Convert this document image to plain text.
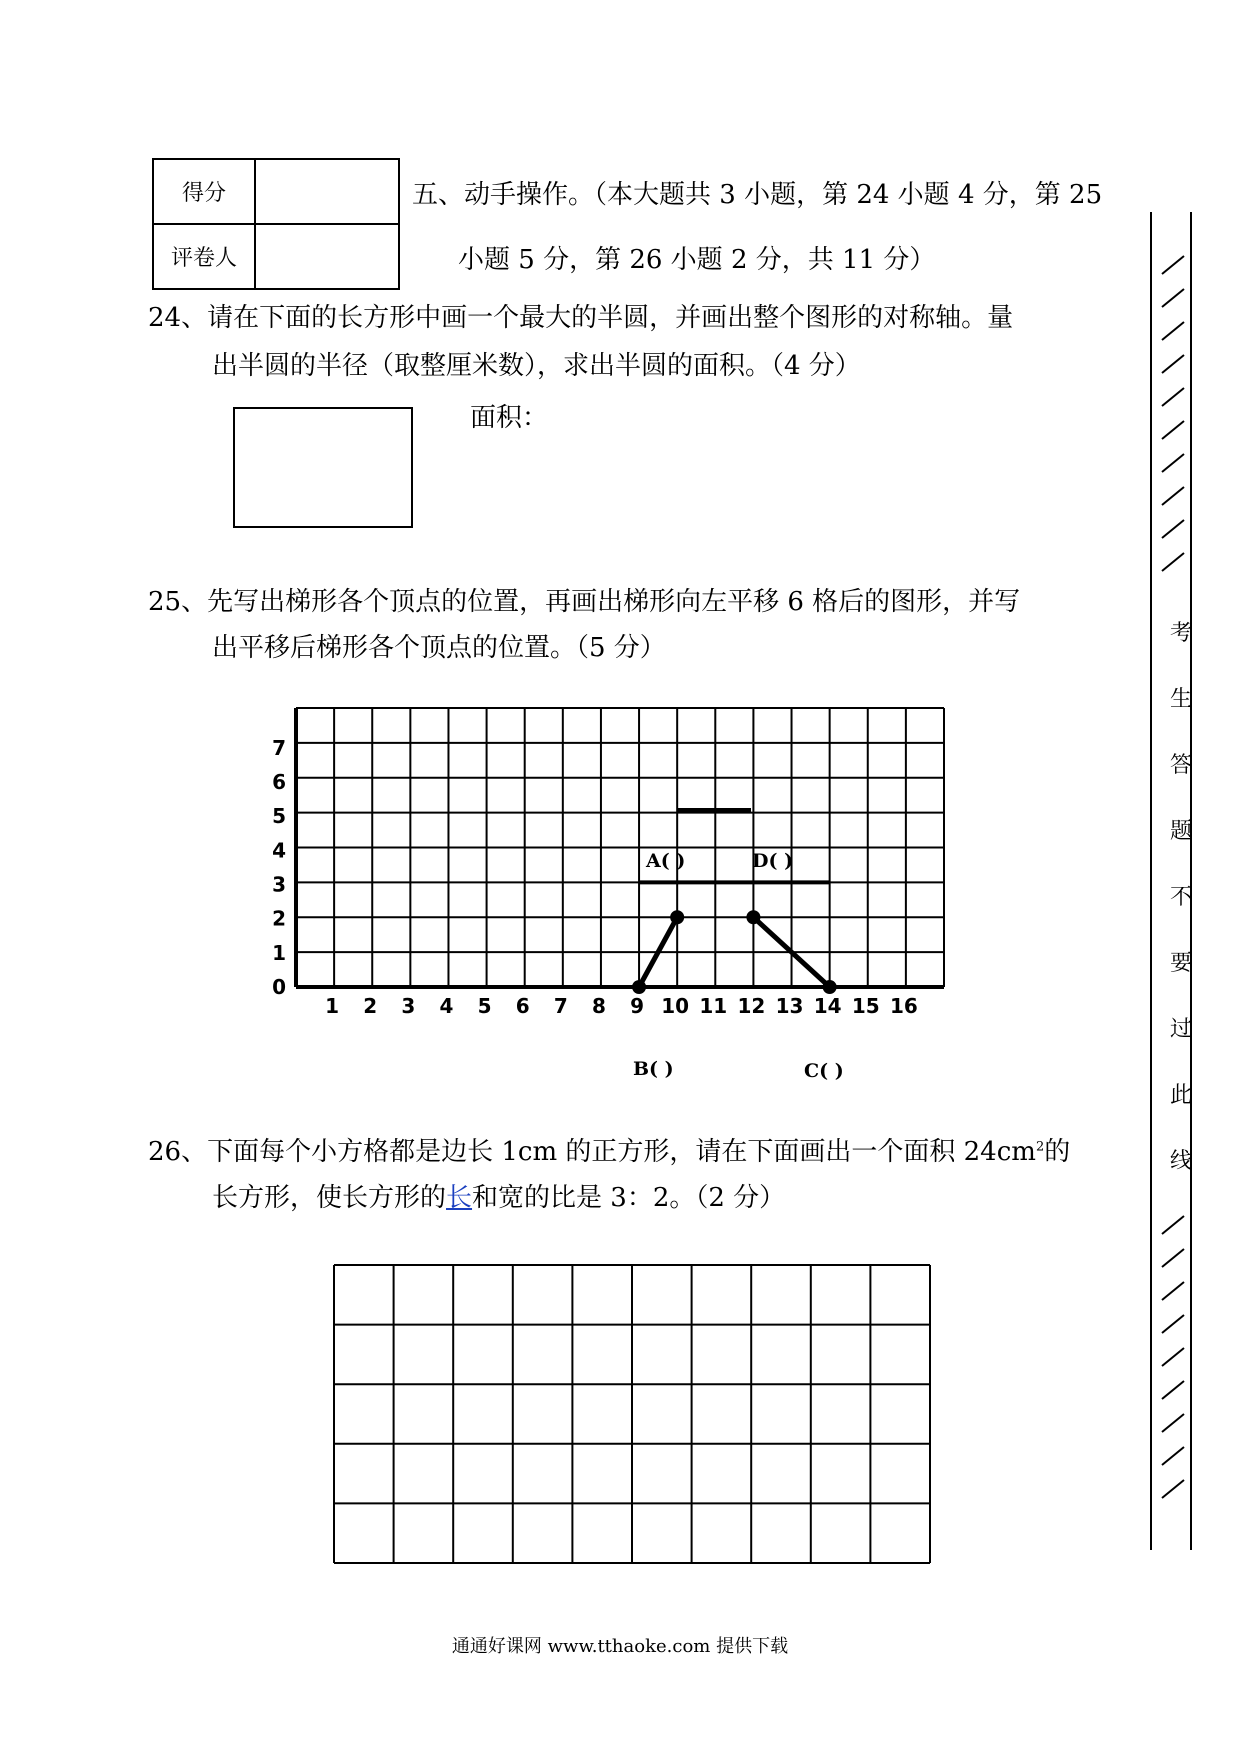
得分	
评卷人	
五、动手操作。（本大题共 3 小题，第 24 小题 4 分，第 25
小题 5 分，第 26 小题 2 分，共 11 分）
24、请在下面的长方形中画一个最大的半圆，并画出整个图形的对称轴。量
出半圆的半径（取整厘米数），求出半圆的面积。（4 分）
面积：
25、先写出梯形各个顶点的位置，再画出梯形向左平移 6 格后的图形，并写
出平移后梯形各个顶点的位置。（5 分）
1 2 3 4 5 6 7 8 9 10 11 12 13 14 15 16
0
1
2
3
4
5
6
7
A( )	D( )
B( )	C( )
26、下面每个小方格都是边长 1cm 的正方形，请在下面画出一个面积 $24cm^2$的
长方形，使长方形的长和宽的比是 3：2。（2 分）
考
生
答
题
不
要
过
此
线
通通好课网 www.tthaoke.com 提供下载
